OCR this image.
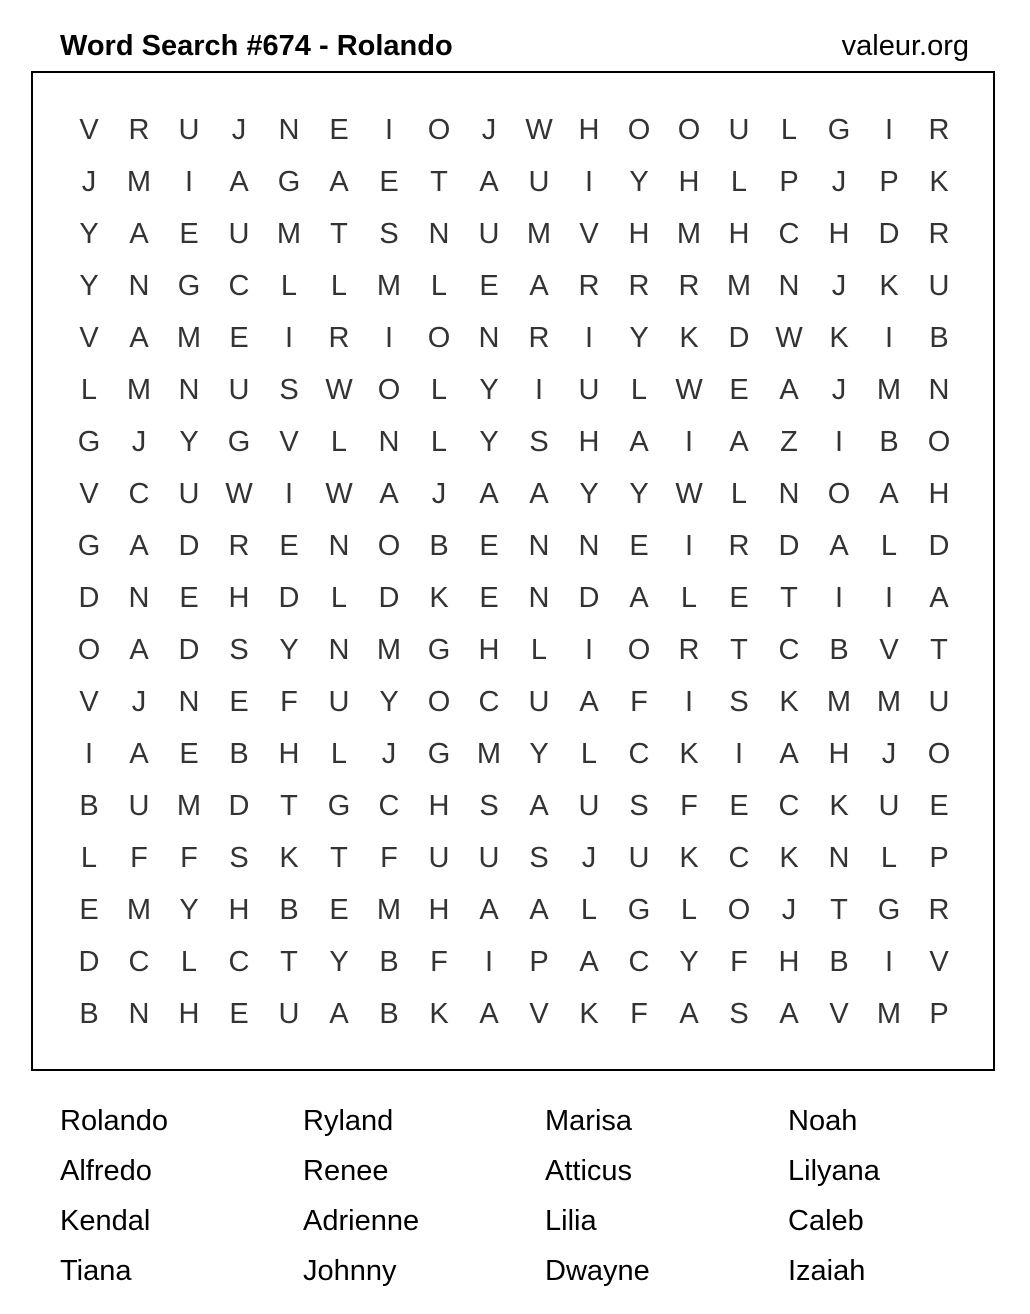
Word Search #674 - Rolando	valeur.org
V	R	U	J	N	E	I	O	J	W H O O U	L	G	I	R
J	M	I	A	G	A	E	T	A	U	I	Y	H	L	P	J	P	K
Y	A	E	U M	T	S	N	U M V	H M H	C	H	D	R
Y	N G C	L	L	M	L	E	A	R	R	R M N	J	K	U
V	A M E	I	R	I	O N	R	I	Y	K	D W K	I	B
L	M N	U	S W O	L	Y	I	U	L W E	A	J	M N
G	J	Y	G	V	L	N	L	Y	S	H	A	I	A	Z	I	B	O
V	C	U W	I	W A	J	A	A	Y	Y W L	N O	A	H
G	A	D	R	E	N O	B	E	N	N	E	I	R	D	A	L	D
D	N	E	H	D	L	D	K	E	N	D	A	L	E	T	I	I	A
O	A	D	S	Y	N M G H	L	I	O R	T	C	B	V	T
V	J	N	E	F	U	Y	O C	U	A	F	I	S	K M M U
I	A	E	B	H	L	J	G M Y	L	C	K	I	A	H	J	O
B	U M D	T	G C	H	S	A	U	S	F	E	C	K	U	E
L	F	F	S	K	T	F	U	U	S	J	U	K	C	K	N	L	P
E M Y	H	B	E M H	A	A	L	G	L	O	J	T	G R
D	C	L	C	T	Y	B	F	I	P	A	C	Y	F	H	B	I	V
B	N	H	E	U	A	B	K	A	V	K	F	A	S	A	V M P
Rolando	Ryland	Marisa	Noah
Alfredo	Renee	Atticus	Lilyana
Kendal	Adrienne	Lilia	Caleb
Tiana	Johnny	Dwayne	Izaiah
